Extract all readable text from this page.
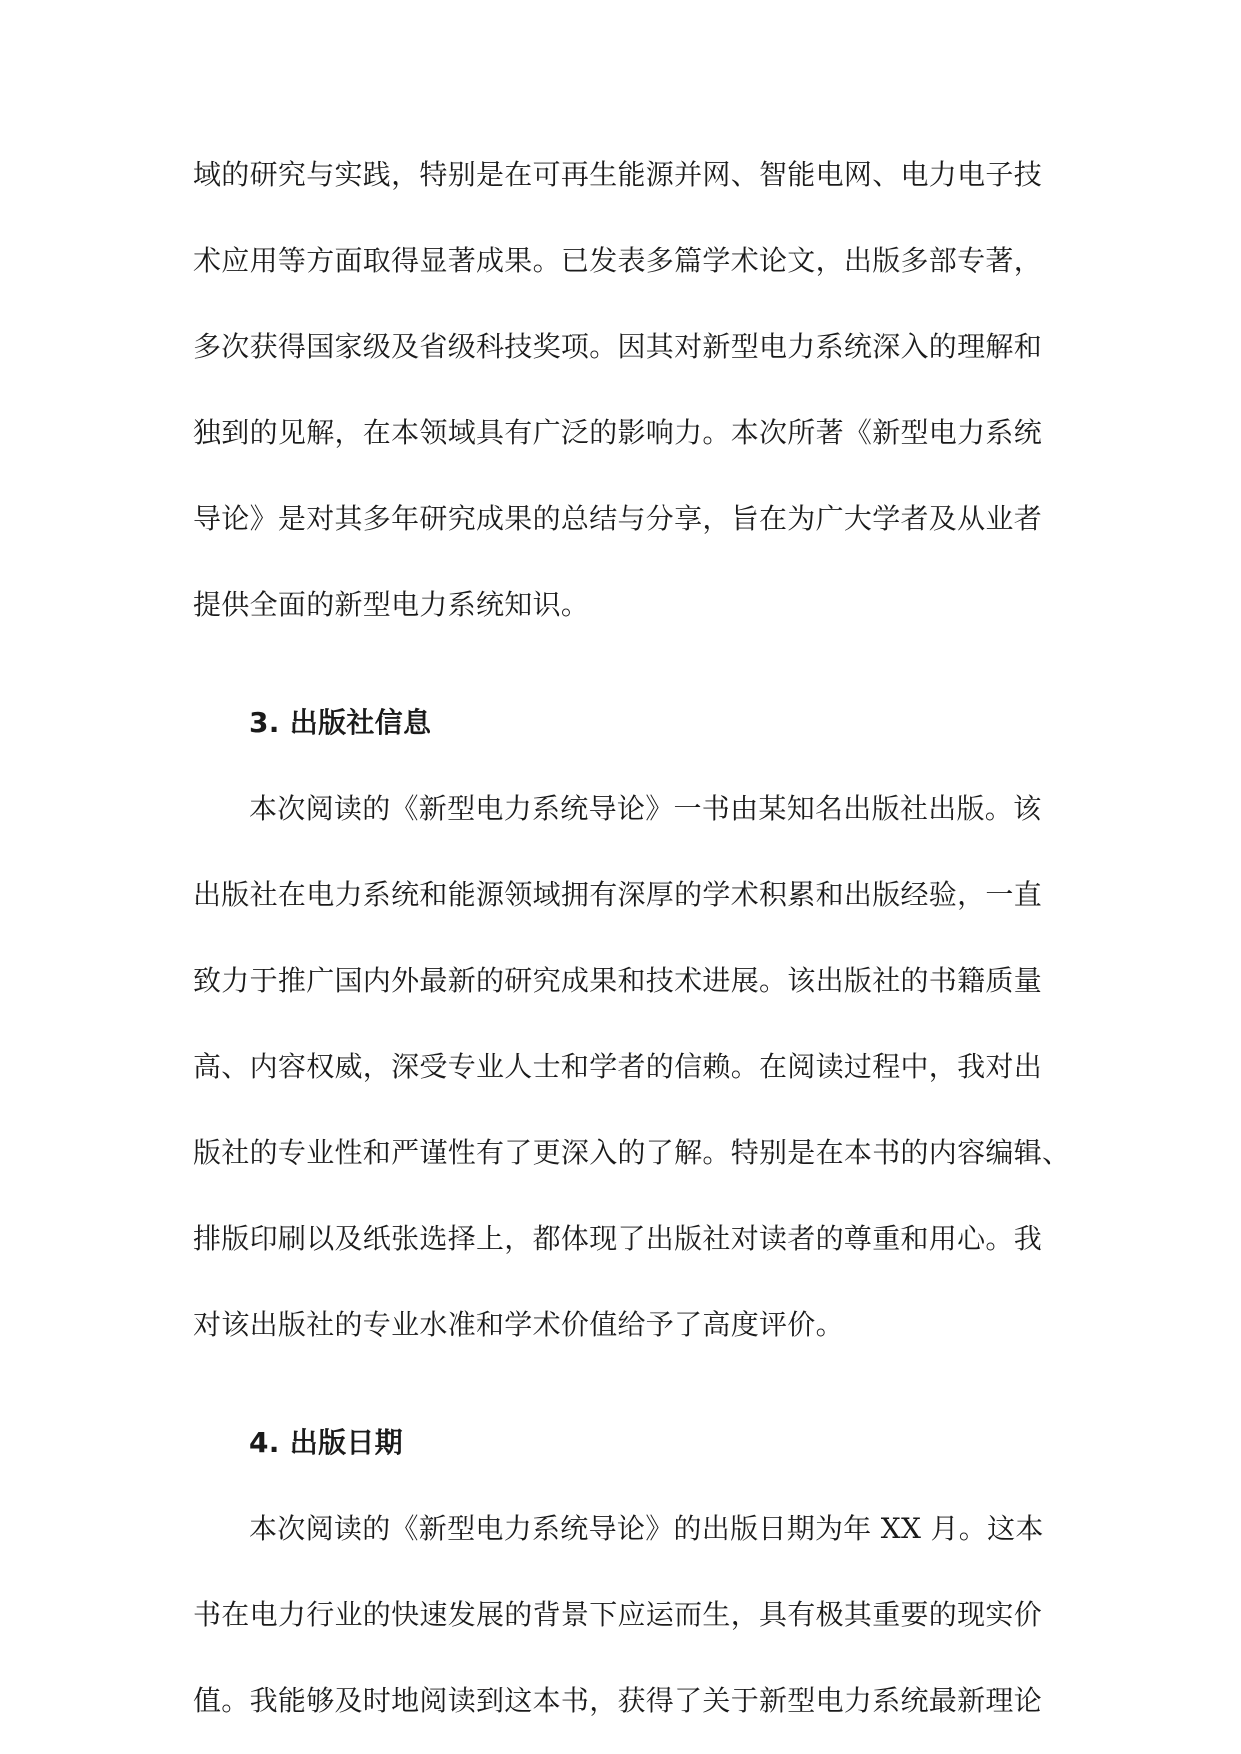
域的研究与实践，特别是在可再生能源并网、智能电网、电力电子技
术应用等方面取得显著成果。已发表多篇学术论文，出版多部专著，
多次获得国家级及省级科技奖项。因其对新型电力系统深入的理解和
独到的见解，在本领域具有广泛的影响力。本次所著《新型电力系统
导论》是对其多年研究成果的总结与分享，旨在为广大学者及从业者
提供全面的新型电力系统知识。
3. 出版社信息
本次阅读的《新型电力系统导论》一书由某知名出版社出版。该
出版社在电力系统和能源领域拥有深厚的学术积累和出版经验，一直
致力于推广国内外最新的研究成果和技术进展。该出版社的书籍质量
高、内容权威，深受专业人士和学者的信赖。在阅读过程中，我对出
版社的专业性和严谨性有了更深入的了解。特别是在本书的内容编辑、
排版印刷以及纸张选择上，都体现了出版社对读者的尊重和用心。我
对该出版社的专业水准和学术价值给予了高度评价。
4. 出版日期
本次阅读的《新型电力系统导论》的出版日期为年 XX 月。这本
书在电力行业的快速发展的背景下应运而生，具有极其重要的现实价
值。我能够及时地阅读到这本书，获得了关于新型电力系统最新理论
